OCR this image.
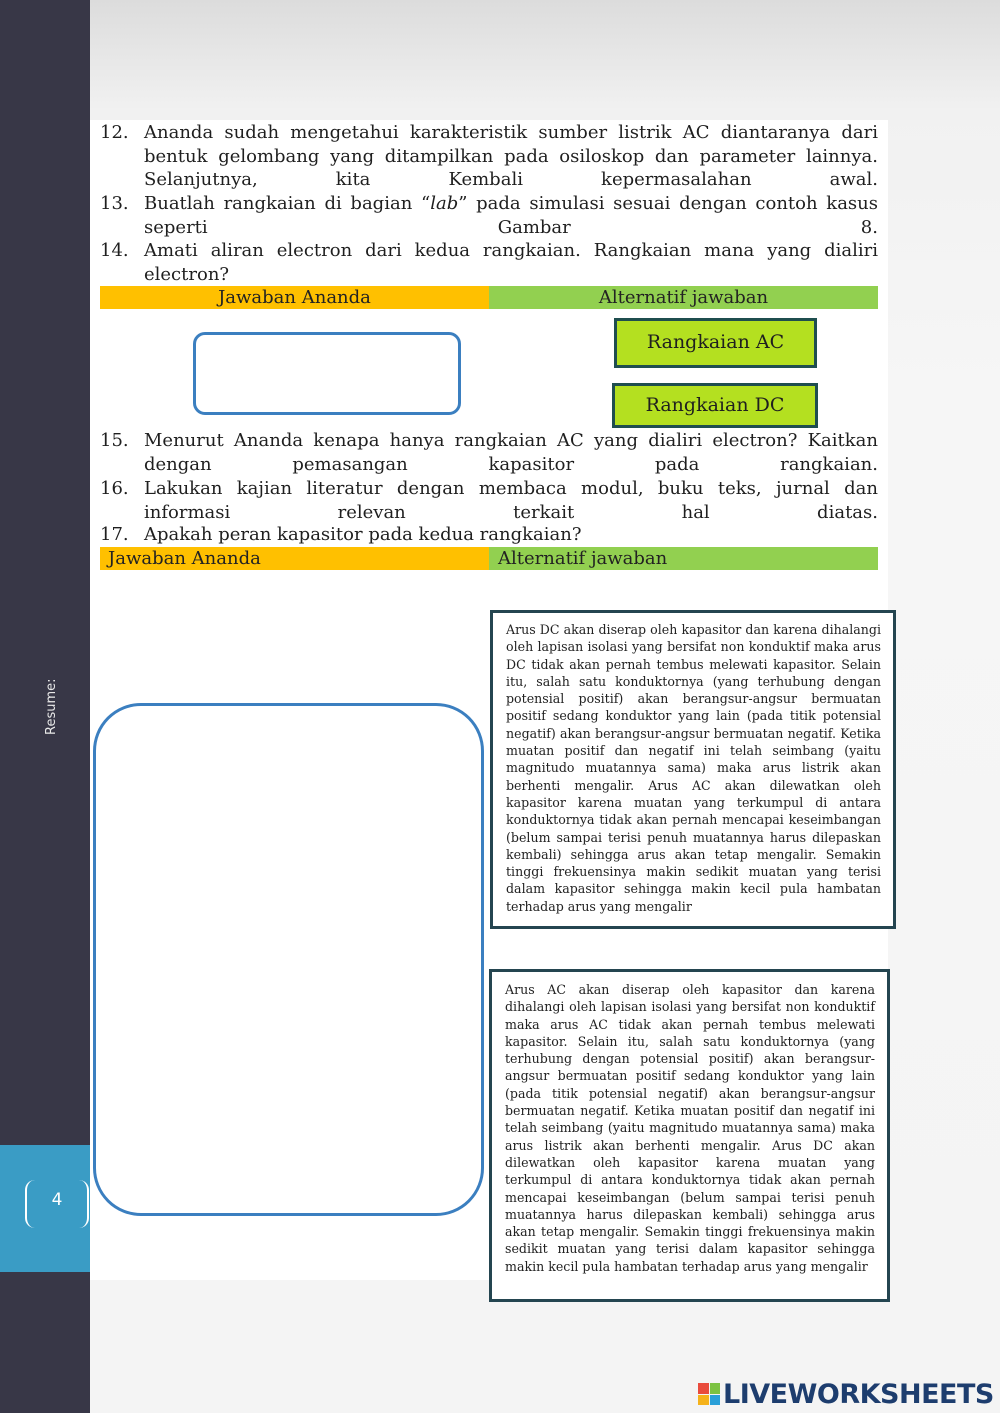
Resume:
4
12. Ananda sudah mengetahui karakteristik sumber listrik AC diantaranya dari bentuk gelombang yang ditampilkan pada osiloskop dan parameter lainnya. Selanjutnya, kita Kembali kepermasalahan awal.
13. Buatlah rangkaian di bagian “lab” pada simulasi sesuai dengan contoh kasus seperti Gambar 8.
14. Amati aliran electron dari kedua rangkaian. Rangkaian mana yang dialiri electron?
Jawaban Ananda	Alternatif jawaban
Rangkaian AC
Rangkaian DC
15. Menurut Ananda kenapa hanya rangkaian AC yang dialiri electron? Kaitkan dengan pemasangan kapasitor pada rangkaian.
16. Lakukan kajian literatur dengan membaca modul, buku teks, jurnal dan informasi relevan terkait hal diatas.
17. Apakah peran kapasitor pada kedua rangkaian?
Jawaban Ananda	Alternatif jawaban
Arus DC akan diserap oleh kapasitor dan karena dihalangi oleh lapisan isolasi yang bersifat non konduktif maka arus DC tidak akan pernah tembus melewati kapasitor. Selain itu, salah satu konduktornya (yang terhubung dengan potensial positif) akan berangsur-angsur bermuatan positif sedang konduktor yang lain (pada titik potensial negatif) akan berangsur-angsur bermuatan negatif. Ketika muatan positif dan negatif ini telah seimbang (yaitu magnitudo muatannya sama) maka arus listrik akan berhenti mengalir. Arus AC akan dilewatkan oleh kapasitor karena muatan yang terkumpul di antara konduktornya tidak akan pernah mencapai keseimbangan (belum sampai terisi penuh muatannya harus dilepaskan kembali) sehingga arus akan tetap mengalir. Semakin tinggi frekuensinya makin sedikit muatan yang terisi dalam kapasitor sehingga makin kecil pula hambatan terhadap arus yang mengalir
Arus AC akan diserap oleh kapasitor dan karena dihalangi oleh lapisan isolasi yang bersifat non konduktif maka arus AC tidak akan pernah tembus melewati kapasitor. Selain itu, salah satu konduktornya (yang terhubung dengan potensial positif) akan berangsur-angsur bermuatan positif sedang konduktor yang lain (pada titik potensial negatif) akan berangsur-angsur bermuatan negatif. Ketika muatan positif dan negatif ini telah seimbang (yaitu magnitudo muatannya sama) maka arus listrik akan berhenti mengalir. Arus DC akan dilewatkan oleh kapasitor karena muatan yang terkumpul di antara konduktornya tidak akan pernah mencapai keseimbangan (belum sampai terisi penuh muatannya harus dilepaskan kembali) sehingga arus akan tetap mengalir. Semakin tinggi frekuensinya makin sedikit muatan yang terisi dalam kapasitor sehingga makin kecil pula hambatan terhadap arus yang mengalir
LIVEWORKSHEETS
